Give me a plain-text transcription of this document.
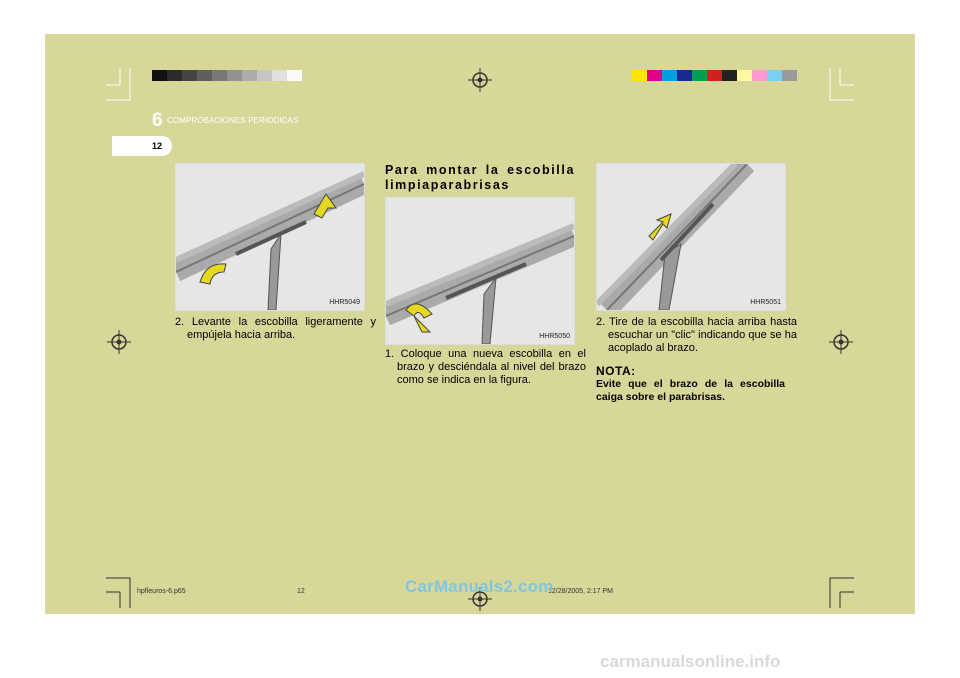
6 COMPROBACIONES PERIODICAS
12
HHR5049
2. Levante la escobilla ligeramente y empújela hacia arriba.
Para montar la escobilla limpiaparabrisas
HHR5050
1. Coloque una nueva escobilla en el brazo y desciéndala al nivel del brazo como se indica en la figura.
HHR5051
2. Tire de la escobilla hacia arriba hasta escuchar un "clic" indicando que se ha acoplado al brazo.
NOTA:
Evite que el brazo de la escobilla caiga sobre el parabrisas.
hpfleuros-6.p65	12	12/28/2005, 2:17 PM
CarManuals2.com
carmanualsonline.info
